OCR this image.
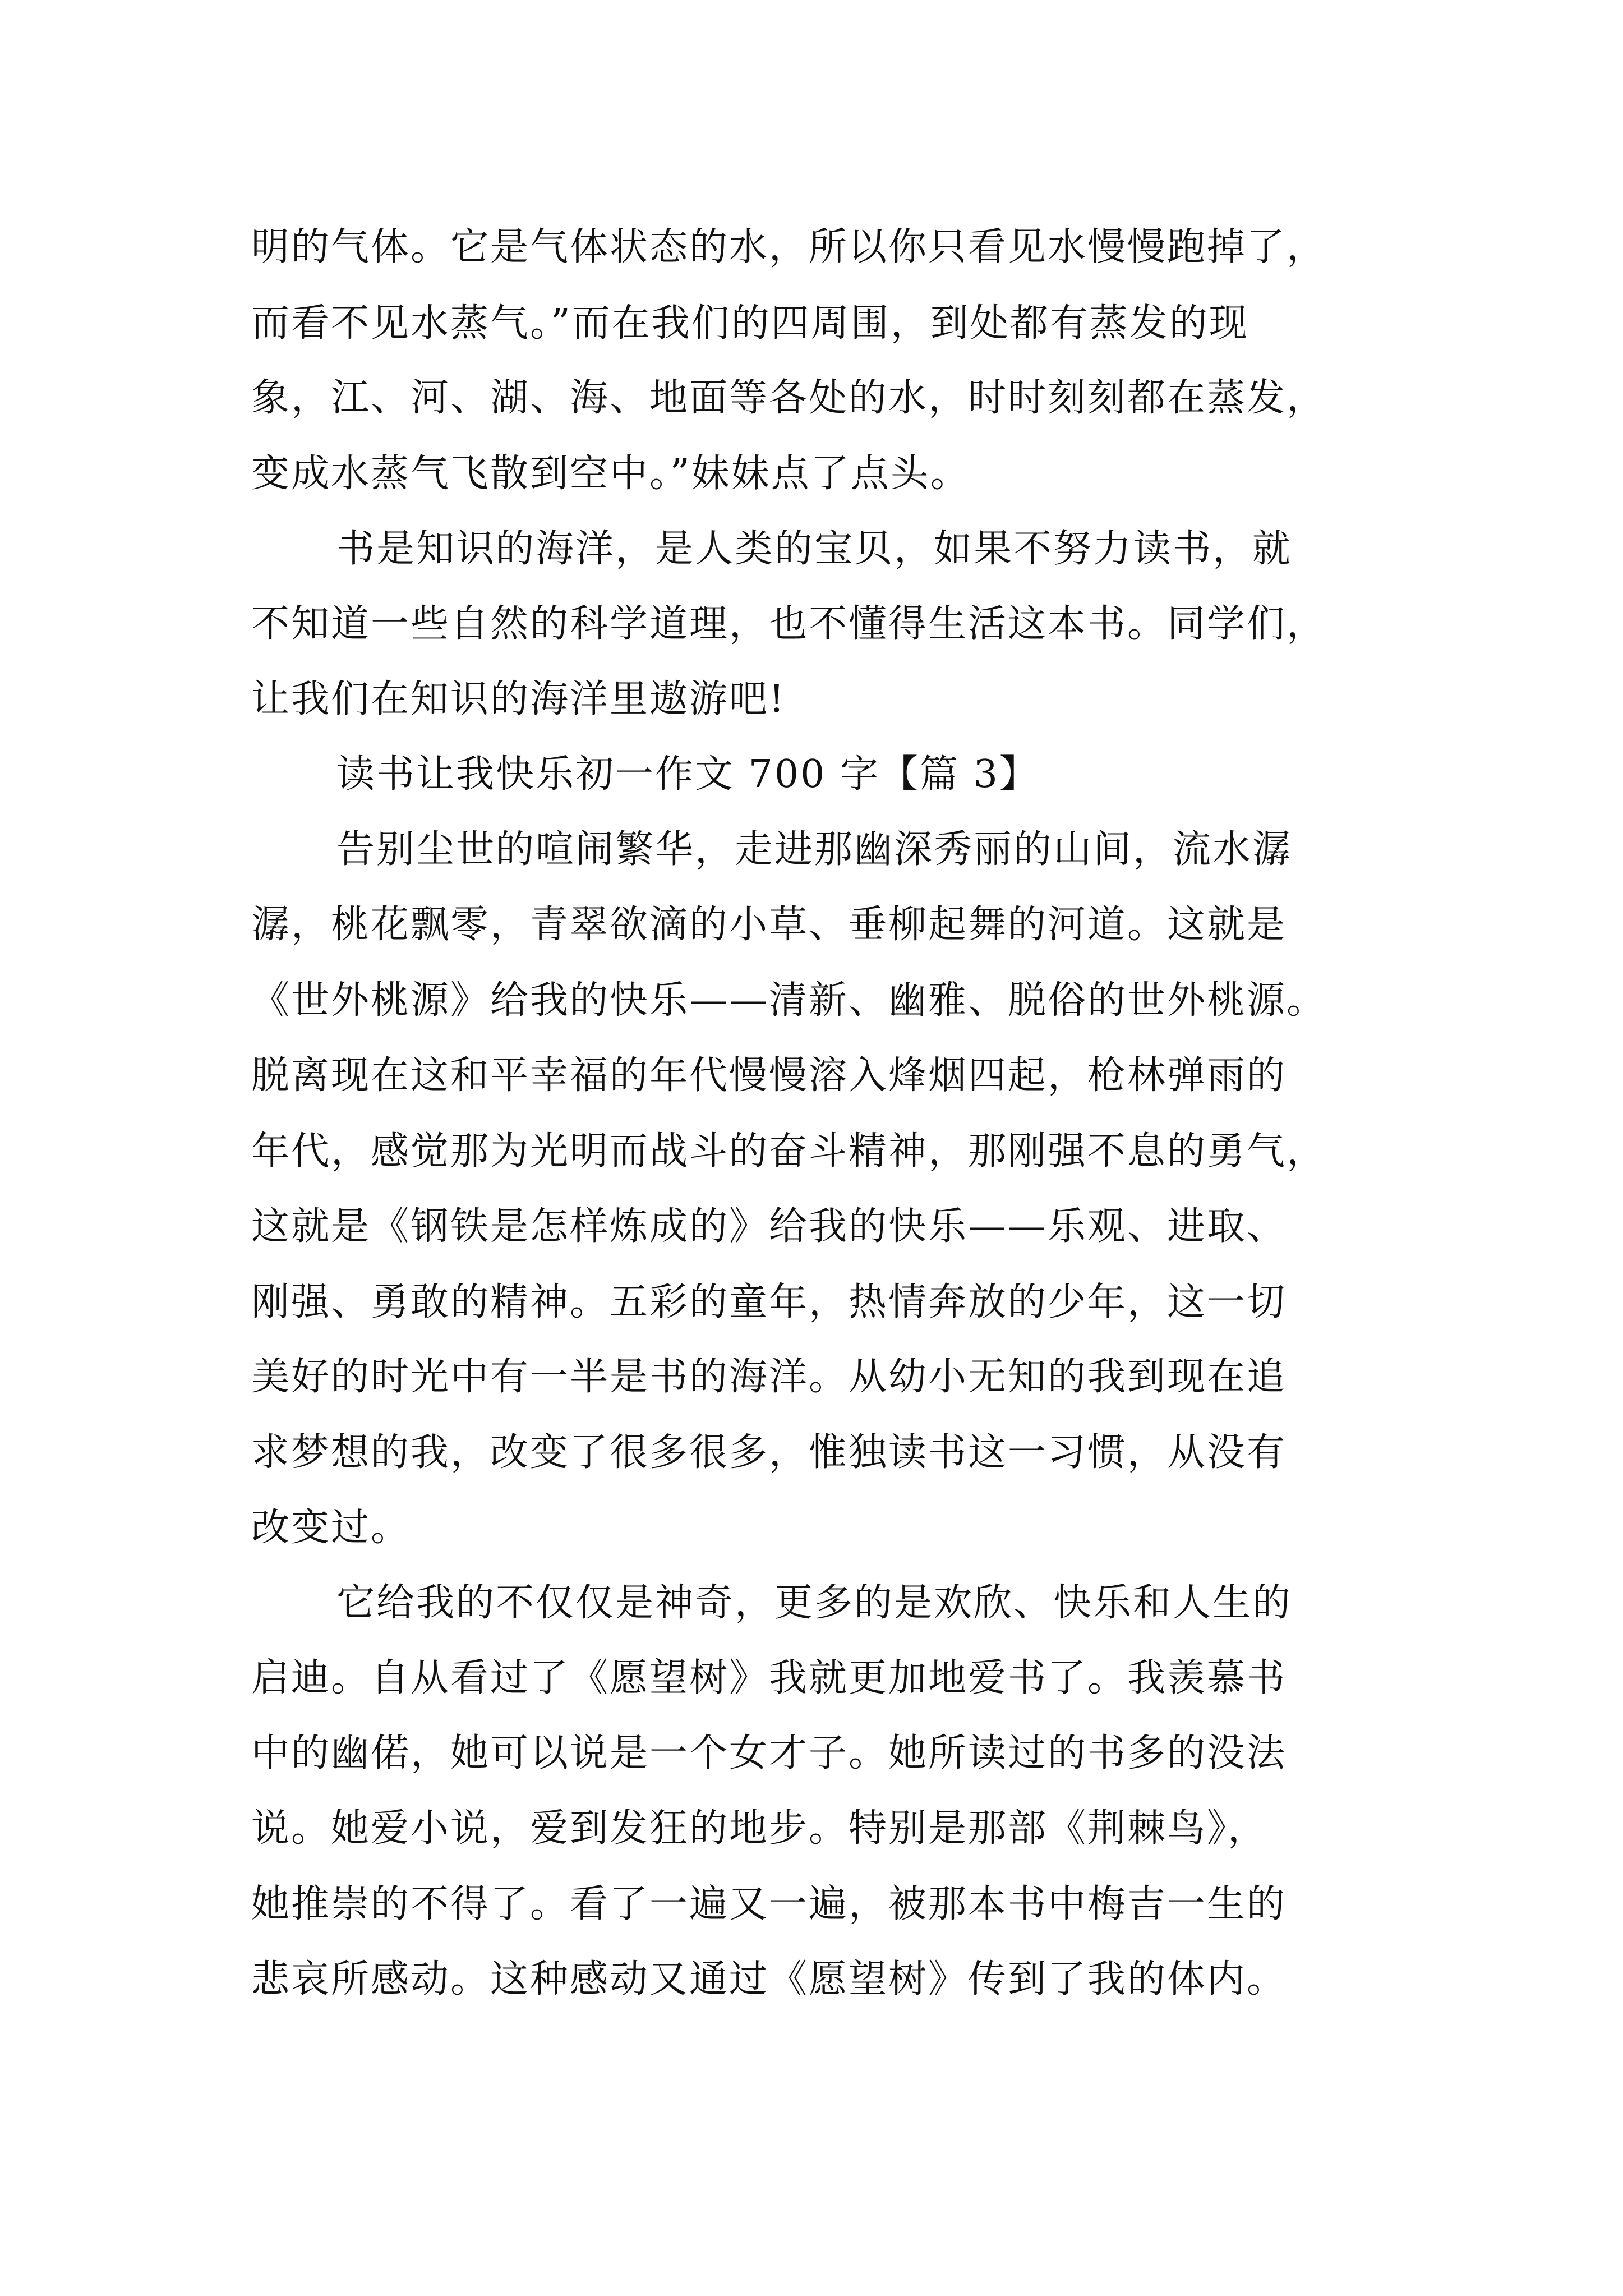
明的气体。它是气体状态的水，所以你只看见水慢慢跑掉了，
而看不见水蒸气。”而在我们的四周围，到处都有蒸发的现
象，江、河、湖、海、地面等各处的水，时时刻刻都在蒸发，
变成水蒸气飞散到空中。”妹妹点了点头。
书是知识的海洋，是人类的宝贝，如果不努力读书，就
不知道一些自然的科学道理，也不懂得生活这本书。同学们，
让我们在知识的海洋里遨游吧!
读书让我快乐初一作文 700 字【篇 3】
告别尘世的喧闹繁华，走进那幽深秀丽的山间，流水潺
潺，桃花飘零，青翠欲滴的小草、垂柳起舞的河道。这就是
《世外桃源》给我的快乐——清新、幽雅、脱俗的世外桃源。
脱离现在这和平幸福的年代慢慢溶入烽烟四起，枪林弹雨的
年代，感觉那为光明而战斗的奋斗精神，那刚强不息的勇气，
这就是《钢铁是怎样炼成的》给我的快乐——乐观、进取、
刚强、勇敢的精神。五彩的童年，热情奔放的少年，这一切
美好的时光中有一半是书的海洋。从幼小无知的我到现在追
求梦想的我，改变了很多很多，惟独读书这一习惯，从没有
改变过。
它给我的不仅仅是神奇，更多的是欢欣、快乐和人生的
启迪。自从看过了《愿望树》我就更加地爱书了。我羡慕书
中的幽偌，她可以说是一个女才子。她所读过的书多的没法
说。她爱小说，爱到发狂的地步。特别是那部《荆棘鸟》，
她推崇的不得了。看了一遍又一遍，被那本书中梅吉一生的
悲哀所感动。这种感动又通过《愿望树》传到了我的体内。
